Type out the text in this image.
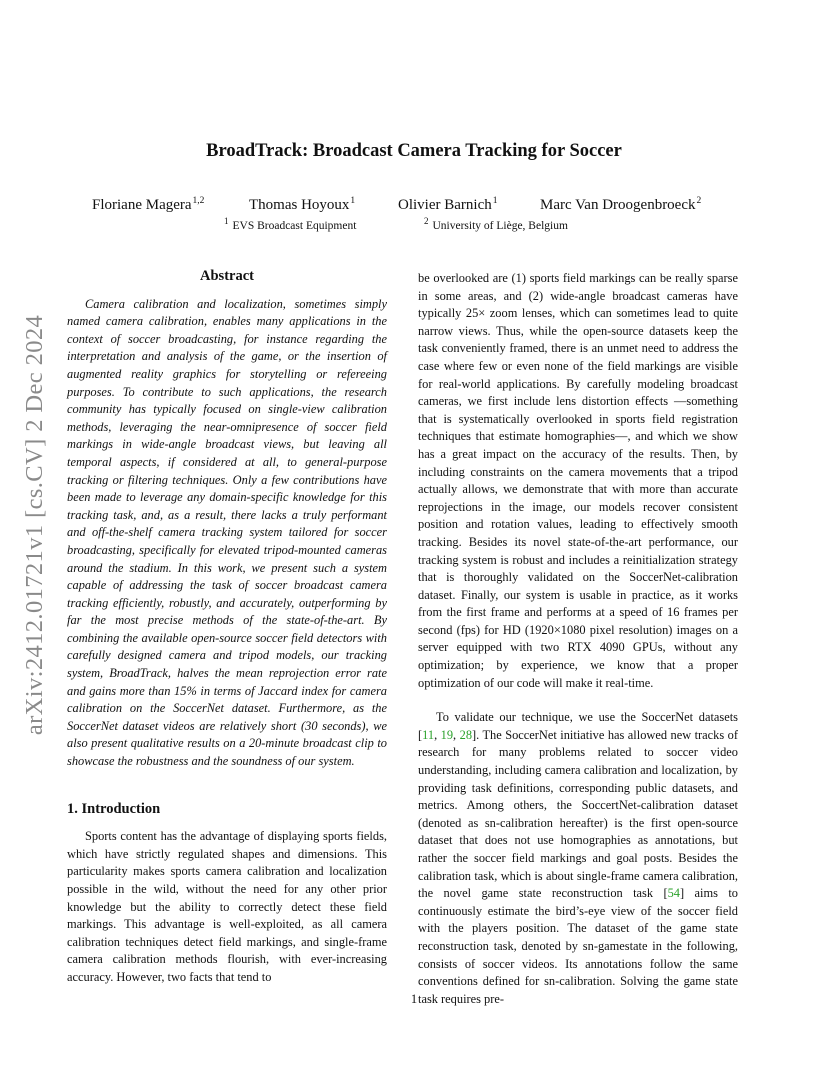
arXiv:2412.01721v1 [cs.CV] 2 Dec 2024
BroadTrack: Broadcast Camera Tracking for Soccer
Floriane Magera$^{1,2}$	Thomas Hoyoux$^1$	Olivier Barnich$^1$	Marc Van Droogenbroeck$^2$
$^1$ EVS Broadcast Equipment	$^2$ University of Liège, Belgium
Abstract

Camera calibration and localization, sometimes simply named camera calibration, enables many applications in the context of soccer broadcasting, for instance regarding the interpretation and analysis of the game, or the insertion of augmented reality graphics for storytelling or refereeing purposes. To contribute to such applications, the research community has typically focused on single-view calibration methods, leveraging the near-omnipresence of soccer field markings in wide-angle broadcast views, but leaving all temporal aspects, if considered at all, to general-purpose tracking or filtering techniques. Only a few contributions have been made to leverage any domain-specific knowledge for this tracking task, and, as a result, there lacks a truly performant and off-the-shelf camera tracking system tailored for soccer broadcasting, specifically for elevated tripod-mounted cameras around the stadium. In this work, we present such a system capable of addressing the task of soccer broadcast camera tracking efficiently, robustly, and accurately, outperforming by far the most precise methods of the state-of-the-art. By combining the available open-source soccer field detectors with carefully designed camera and tripod models, our tracking system, BroadTrack, halves the mean reprojection error rate and gains more than 15% in terms of Jaccard index for camera calibration on the SoccerNet dataset. Furthermore, as the SoccerNet dataset videos are relatively short (30 seconds), we also present qualitative results on a 20-minute broadcast clip to showcase the robustness and the soundness of our system.

1. Introduction

Sports content has the advantage of displaying sports fields, which have strictly regulated shapes and dimensions. This particularity makes sports camera calibration and localization possible in the wild, without the need for any other prior knowledge but the ability to correctly detect these field markings. This advantage is well-exploited, as all camera calibration techniques detect field markings, and single-frame camera calibration methods flourish, with ever-increasing accuracy. However, two facts that tend to

be overlooked are (1) sports field markings can be really sparse in some areas, and (2) wide-angle broadcast cameras have typically 25× zoom lenses, which can sometimes lead to quite narrow views. Thus, while the open-source datasets keep the task conveniently framed, there is an unmet need to address the case where few or even none of the field markings are visible for real-world applications. By carefully modeling broadcast cameras, we first include lens distortion effects —something that is systematically overlooked in sports field registration techniques that estimate homographies—, and which we show has a great impact on the accuracy of the results. Then, by including constraints on the camera movements that a tripod actually allows, we demonstrate that with more than accurate reprojections in the image, our models recover consistent position and rotation values, leading to effectively smooth tracking. Besides its novel state-of-the-art performance, our tracking system is robust and includes a reinitialization strategy that is thoroughly validated on the SoccerNet-calibration dataset. Finally, our system is usable in practice, as it works from the first frame and performs at a speed of 16 frames per second (fps) for HD (1920×1080 pixel resolution) images on a server equipped with two RTX 4090 GPUs, without any optimization; by experience, we know that a proper optimization of our code will make it real-time.

To validate our technique, we use the SoccerNet datasets [11, 19, 28]. The SoccerNet initiative has allowed new tracks of research for many problems related to soccer video understanding, including camera calibration and localization, by providing task definitions, corresponding public datasets, and metrics. Among others, the SoccertNet-calibration dataset (denoted as sn-calibration hereafter) is the first open-source dataset that does not use homographies as annotations, but rather the soccer field markings and goal posts. Besides the calibration task, which is about single-frame camera calibration, the novel game state reconstruction task [54] aims to continuously estimate the bird’s-eye view of the soccer field with the players position. The dataset of the game state reconstruction task, denoted by sn-gamestate in the following, consists of soccer videos. Its annotations follow the same conventions defined for sn-calibration. Solving the game state task requires pre-

1
